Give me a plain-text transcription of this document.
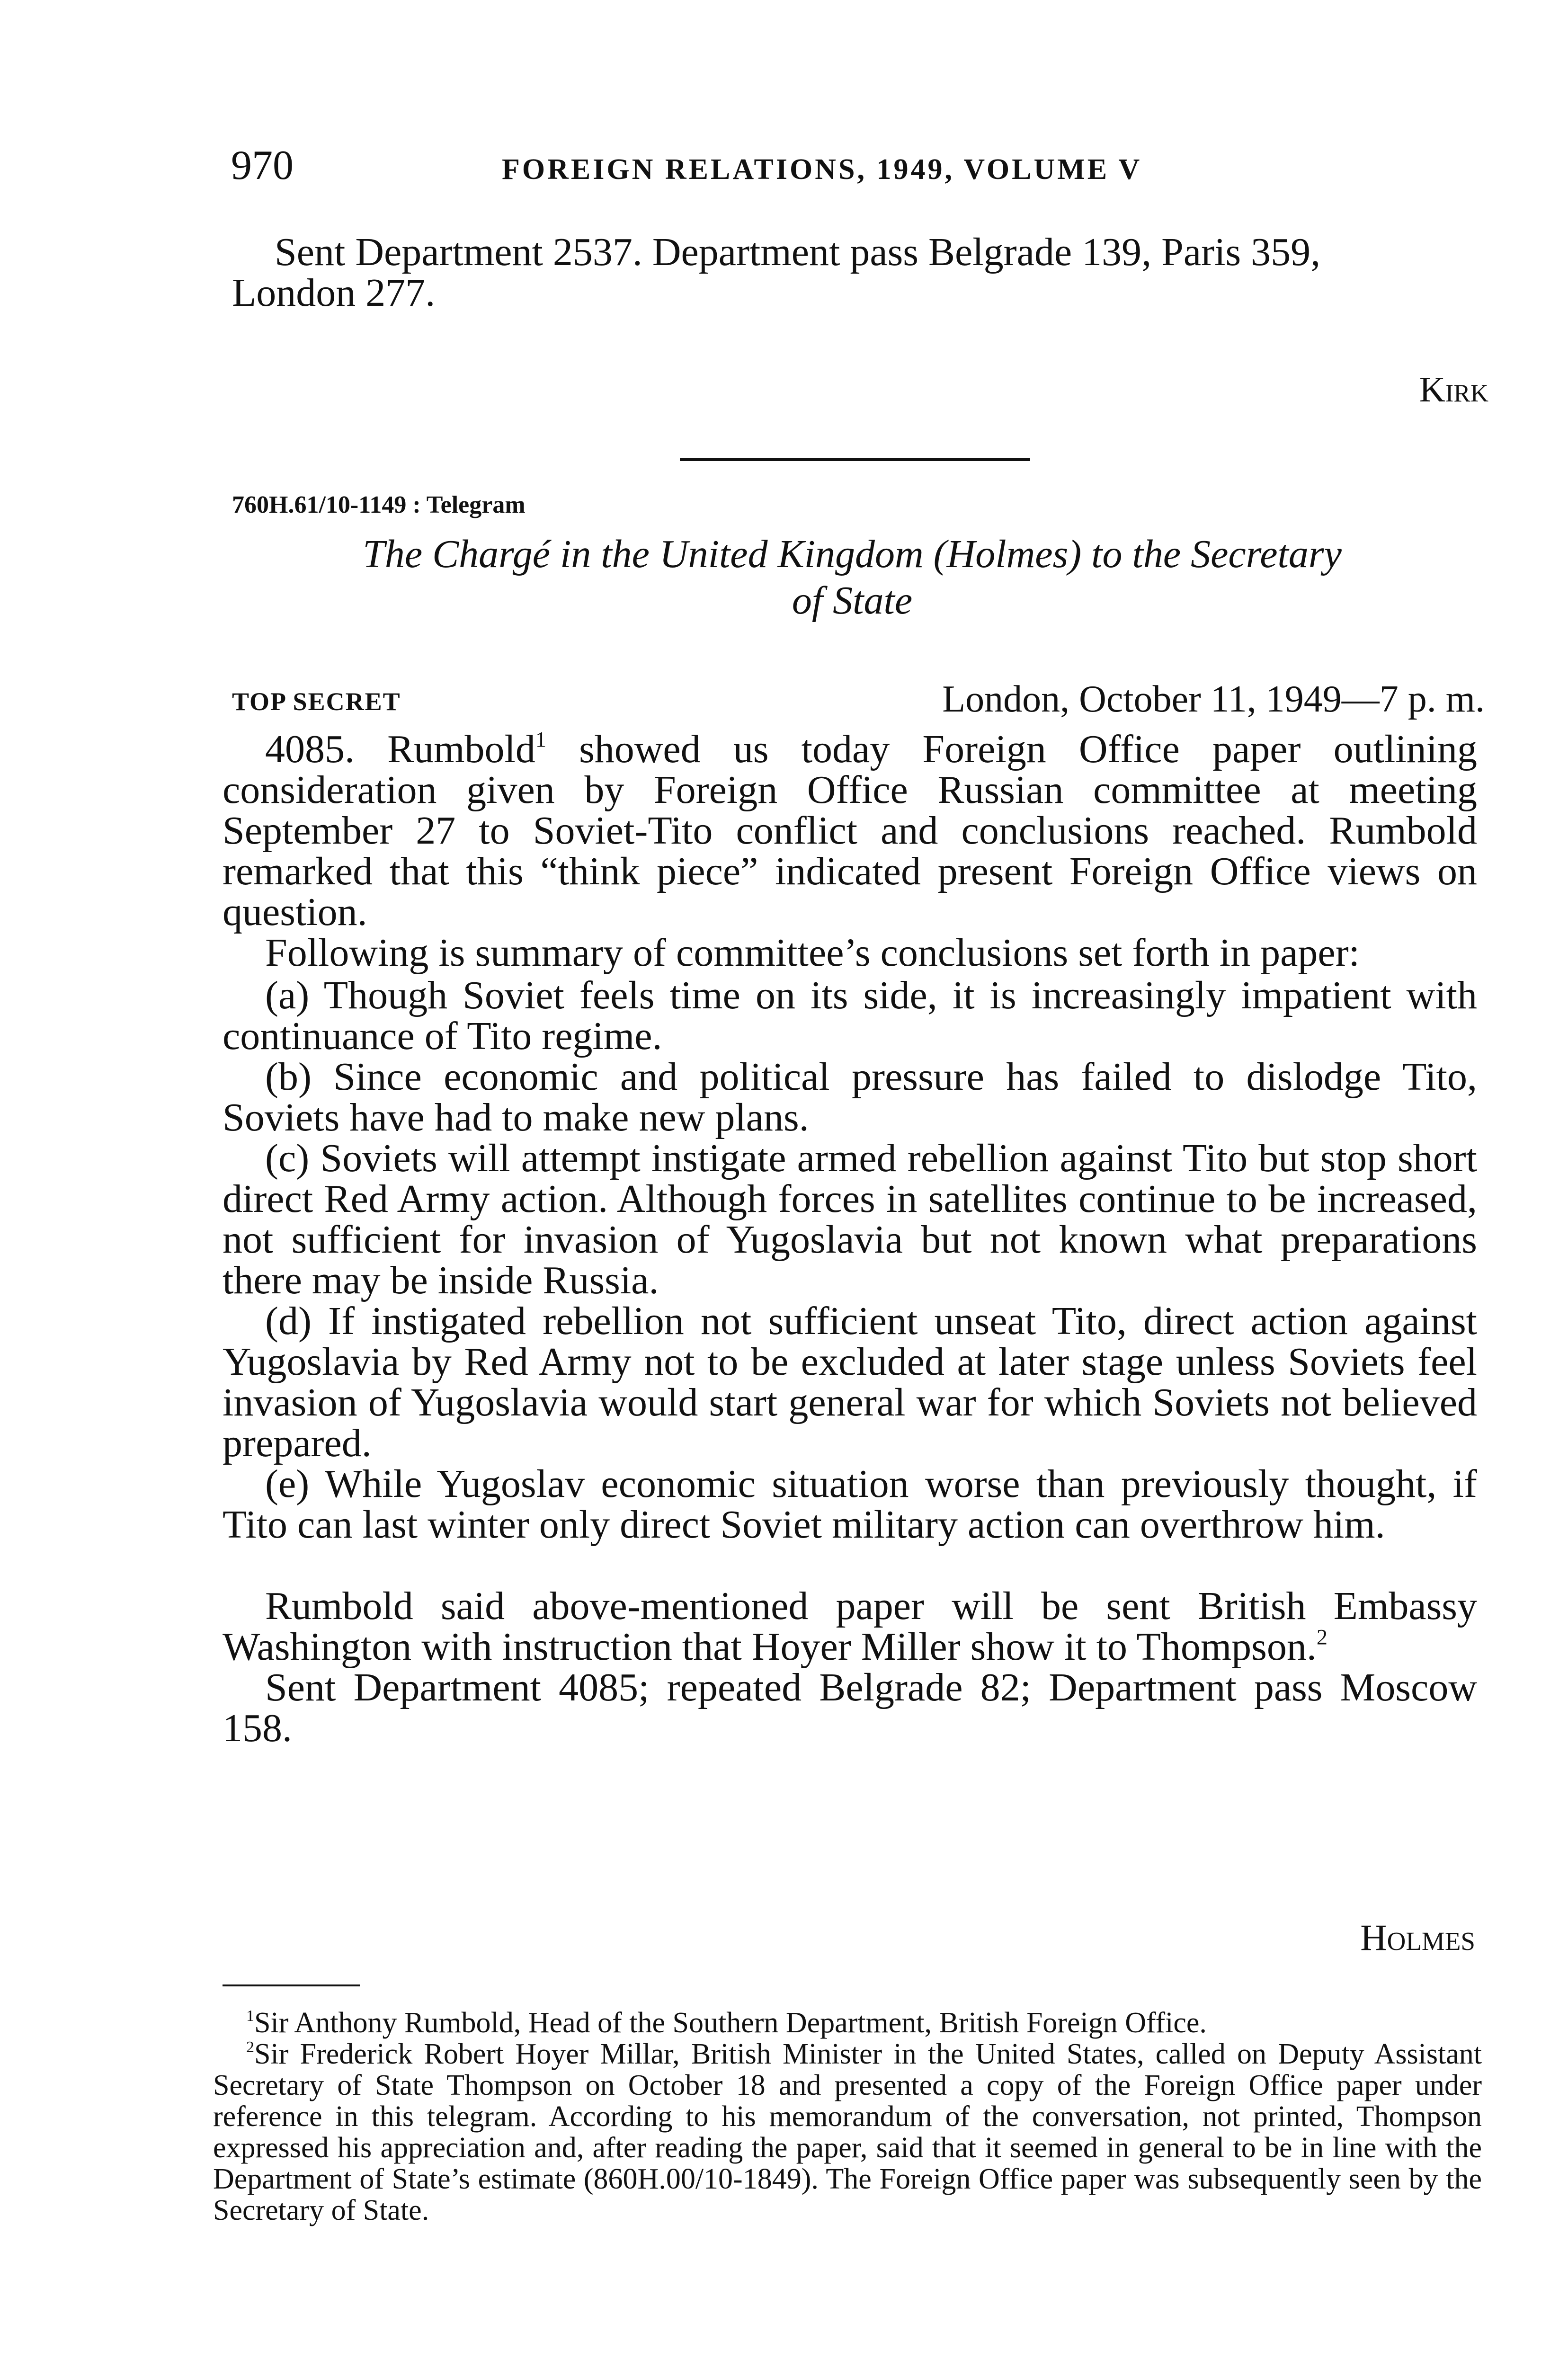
970	FOREIGN RELATIONS, 1949, VOLUME V
Sent Department 2537. Department pass Belgrade 139, Paris 359,
London 277.
Kirk
760H.61/10-1149 : Telegram
The Chargé in the United Kingdom (Holmes) to the Secretary
of State
TOP SECRET	London, October 11, 1949—7 p. m.

4085. Rumbold$^1$ showed us today Foreign Office paper outlining consideration given by Foreign Office Russian committee at meeting September 27 to Soviet-Tito conflict and conclusions reached. Rumbold remarked that this “think piece” indicated present Foreign Office views on question.

Following is summary of committee’s conclusions set forth in paper:

(a) Though Soviet feels time on its side, it is increasingly impatient with continuance of Tito regime.

(b) Since economic and political pressure has failed to dislodge Tito, Soviets have had to make new plans.

(c) Soviets will attempt instigate armed rebellion against Tito but stop short direct Red Army action. Although forces in satellites continue to be increased, not sufficient for invasion of Yugoslavia but not known what preparations there may be inside Russia.

(d) If instigated rebellion not sufficient unseat Tito, direct action against Yugoslavia by Red Army not to be excluded at later stage unless Soviets feel invasion of Yugoslavia would start general war for which Soviets not believed prepared.

(e) While Yugoslav economic situation worse than previously thought, if Tito can last winter only direct Soviet military action can overthrow him.

Rumbold said above-mentioned paper will be sent British Embassy Washington with instruction that Hoyer Miller show it to Thompson.$^2$

Sent Department 4085; repeated Belgrade 82; Department pass Moscow 158.

Holmes

$^1$Sir Anthony Rumbold, Head of the Southern Department, British Foreign Office.

$^2$Sir Frederick Robert Hoyer Millar, British Minister in the United States, called on Deputy Assistant Secretary of State Thompson on October 18 and presented a copy of the Foreign Office paper under reference in this telegram. According to his memorandum of the conversation, not printed, Thompson expressed his appreciation and, after reading the paper, said that it seemed in general to be in line with the Department of State’s estimate (860H.00/10-1849). The Foreign Office paper was subsequently seen by the Secretary of State.
